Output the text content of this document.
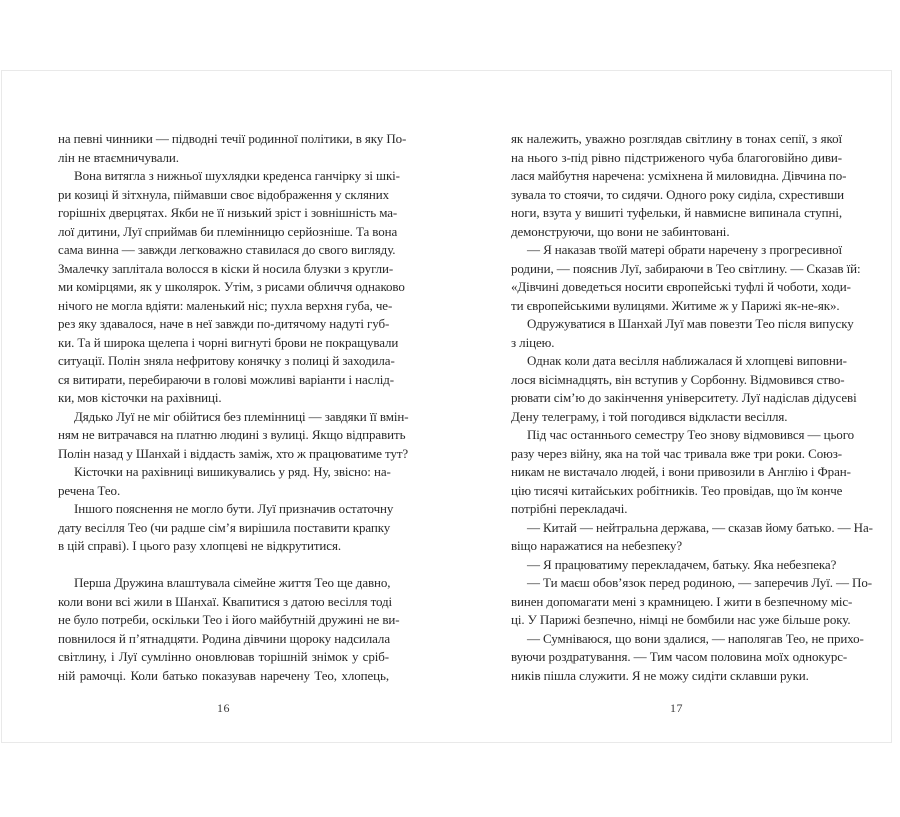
на певні чинники — підводні течії родинної політики, в яку По-
лін не втаємничували.
Вона витягла з нижньої шухлядки креденса ганчірку зі шкі-
ри козиці й зітхнула, піймавши своє відображення у скляних
горішніх дверцятах. Якби не її низький зріст і зовнішність ма-
лої дитини, Луї сприймав би племінницю серйозніше. Та вона
сама винна — завжди легковажно ставилася до свого вигляду.
Змалечку заплітала волосся в кіски й носила блузки з кругли-
ми комірцями, як у школярок. Утім, з рисами обличчя однаково
нічого не могла вдіяти: маленький ніс; пухла верхня губа, че-
рез яку здавалося, наче в неї завжди по-дитячому надуті губ-
ки. Та й широка щелепа і чорні вигнуті брови не покращували
ситуації. Полін зняла нефритову конячку з полиці й заходила-
ся витирати, перебираючи в голові можливі варіанти і наслід-
ки, мов кісточки на рахівниці.
Дядько Луї не міг обійтися без племінниці — завдяки її вмін-
ням не витрачався на платню людині з вулиці. Якщо відправить
Полін назад у Шанхай і віддасть заміж, хто ж працюватиме тут?
Кісточки на рахівниці вишикувались у ряд. Ну, звісно: на-
речена Тео.
Іншого пояснення не могло бути. Луї призначив остаточну
дату весілля Тео (чи радше сім’я вирішила поставити крапку
в цій справі). І цього разу хлопцеві не відкрутитися.
Перша Дружина влаштувала сімейне життя Тео ще давно,
коли вони всі жили в Шанхаї. Квапитися з датою весілля тоді
не було потреби, оскільки Тео і його майбутній дружині не ви-
повнилося й п’ятнадцяти. Родина дівчини щороку надсилала
світлину, і Луї сумлінно оновлював торішній знімок у сріб-
ній рамочці. Коли батько показував наречену Тео, хлопець,
16
як належить, уважно розглядав світлину в тонах сепії, з якої
на нього з-під рівно підстриженого чуба благоговійно диви-
лася майбутня наречена: усміхнена й миловидна. Дівчина по-
зувала то стоячи, то сидячи. Одного року сиділа, схрестивши
ноги, взута у вишиті туфельки, й навмисне випинала ступні,
демонструючи, що вони не забинтовані.
— Я наказав твоїй матері обрати наречену з прогресивної
родини, — пояснив Луї, забираючи в Тео світлину. — Сказав їй:
«Дівчині доведеться носити європейські туфлі й чоботи, ходи-
ти європейськими вулицями. Житиме ж у Парижі як-не-як».
Одружуватися в Шанхай Луї мав повезти Тео після випуску
з ліцею.
Однак коли дата весілля наближалася й хлопцеві виповни-
лося вісімнадцять, він вступив у Сорбонну. Відмовився ство-
рювати сім’ю до закінчення університету. Луї надіслав дідусеві
Дену телеграму, і той погодився відкласти весілля.
Під час останнього семестру Тео знову відмовився — цього
разу через війну, яка на той час тривала вже три роки. Союз-
никам не вистачало людей, і вони привозили в Англію і Фран-
цію тисячі китайських робітників. Тео провідав, що їм конче
потрібні перекладачі.
— Китай — нейтральна держава, — сказав йому батько. — На-
віщо наражатися на небезпеку?
— Я працюватиму перекладачем, батьку. Яка небезпека?
— Ти маєш обов’язок перед родиною, — заперечив Луї. — По-
винен допомагати мені з крамницею. І жити в безпечному міс-
ці. У Парижі безпечно, німці не бомбили нас уже більше року.
— Сумніваюся, що вони здалися, — наполягав Тео, не прихо-
вуючи роздратування. — Тим часом половина моїх однокурс-
ників пішла служити. Я не можу сидіти склавши руки.
17
